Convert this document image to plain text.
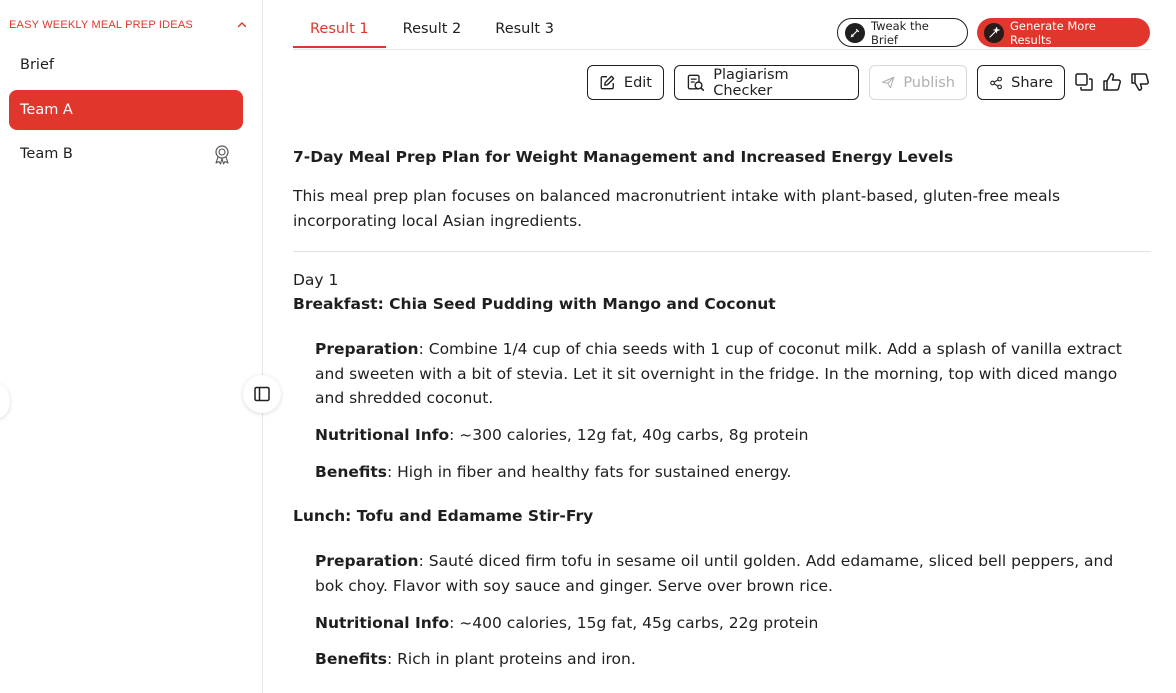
EASY WEEKLY MEAL PREP IDEAS
Brief
Team A
Team B
Result 1	Result 2	Result 3	Tweak the Brief
Generate More Results
Edit	Plagiarism Checker	Publish	Share
7-Day Meal Prep Plan for Weight Management and Increased Energy Levels
This meal prep plan focuses on balanced macronutrient intake with plant-based, gluten-free meals incorporating local Asian ingredients.
Day 1
Breakfast: Chia Seed Pudding with Mango and Coconut
Preparation: Combine 1/4 cup of chia seeds with 1 cup of coconut milk. Add a splash of vanilla extract and sweeten with a bit of stevia. Let it sit overnight in the fridge. In the morning, top with diced mango and shredded coconut.
Nutritional Info: ~300 calories, 12g fat, 40g carbs, 8g protein
Benefits: High in fiber and healthy fats for sustained energy.
Lunch: Tofu and Edamame Stir-Fry
Preparation: Sauté diced firm tofu in sesame oil until golden. Add edamame, sliced bell peppers, and bok choy. Flavor with soy sauce and ginger. Serve over brown rice.
Nutritional Info: ~400 calories, 15g fat, 45g carbs, 22g protein
Benefits: Rich in plant proteins and iron.
